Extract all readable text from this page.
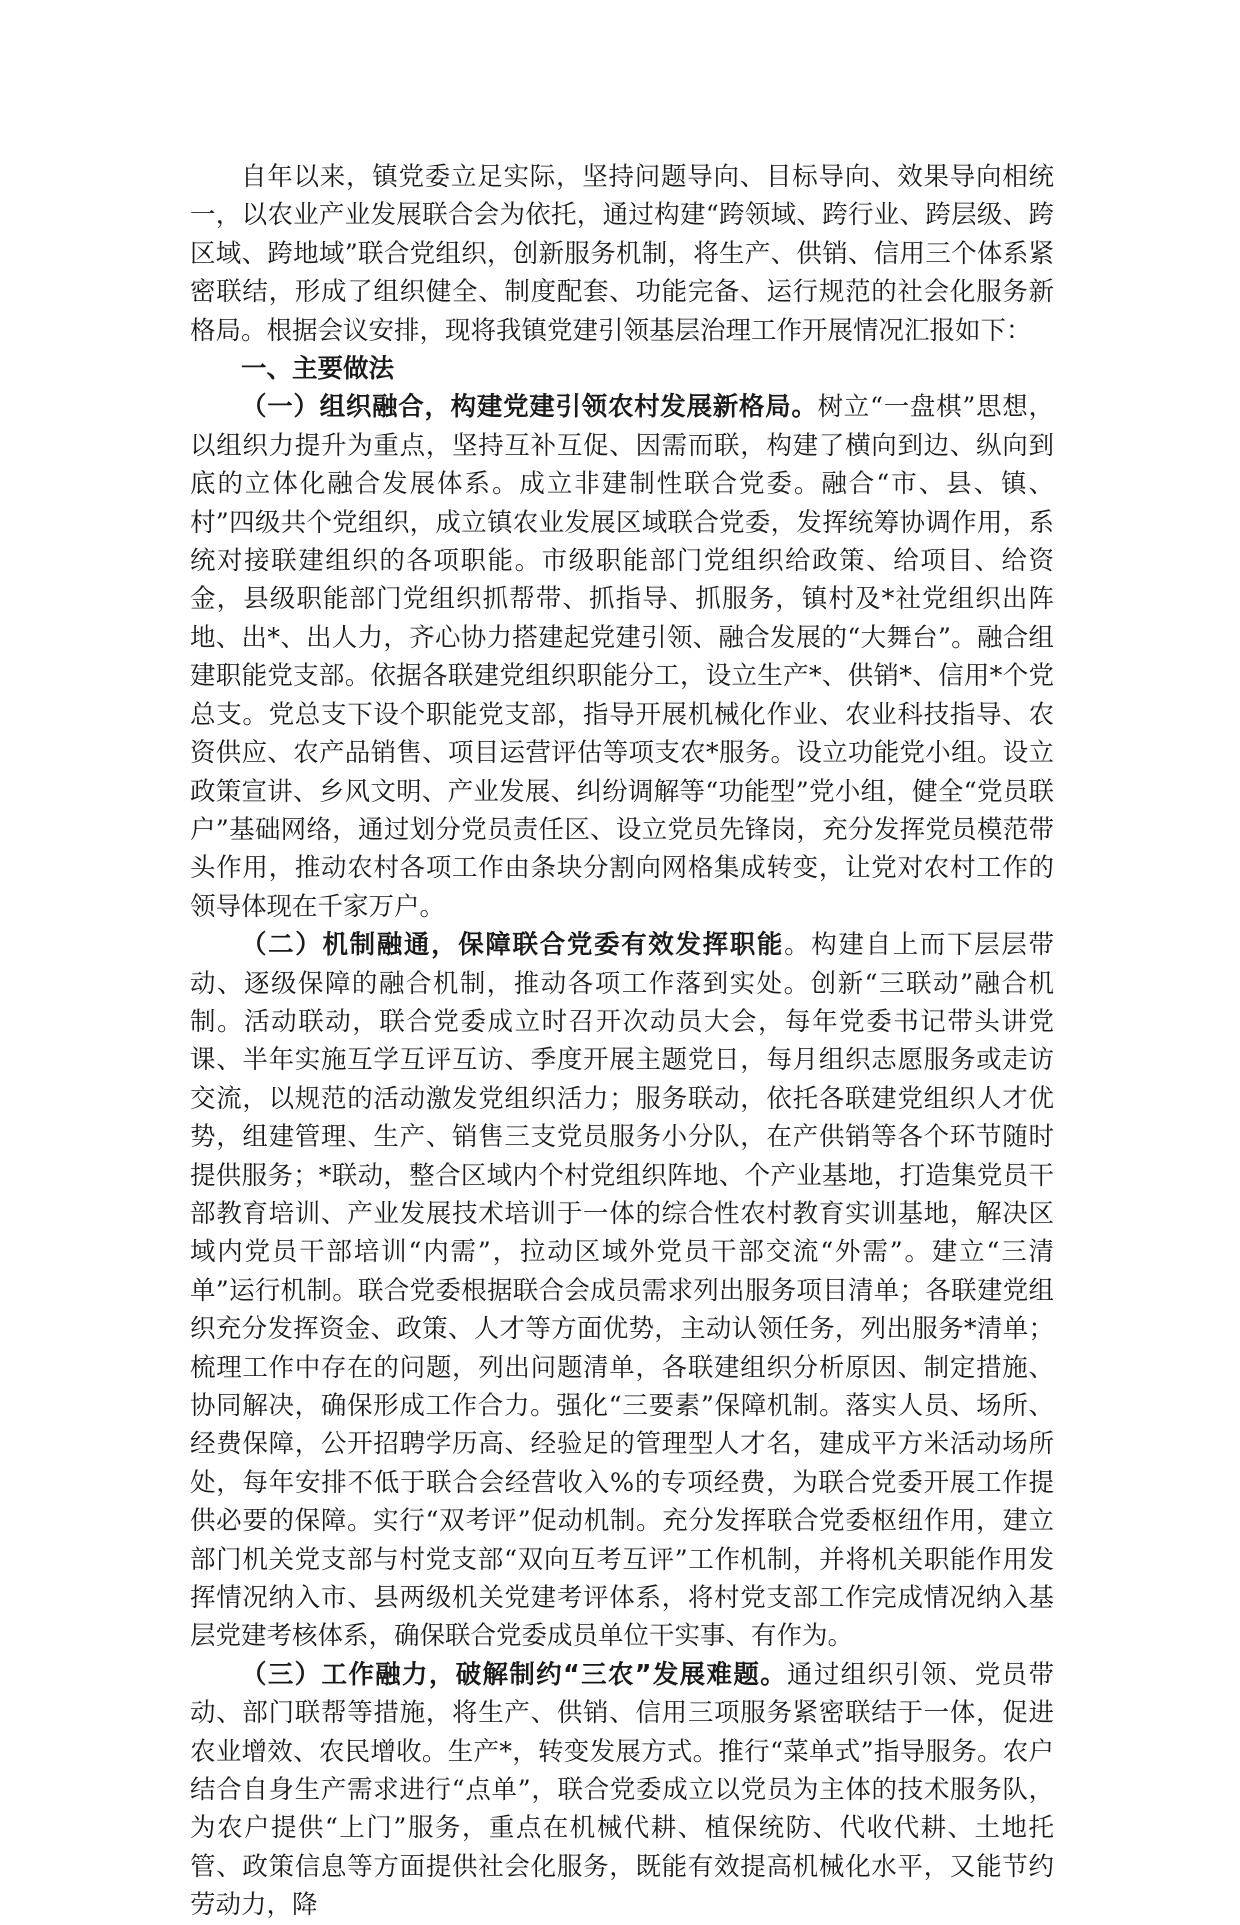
自年以来，镇党委立足实际，坚持问题导向、目标导向、效果导向相统一，以农业产业发展联合会为依托，通过构建“跨领域、跨行业、跨层级、跨区域、跨地域”联合党组织，创新服务机制，将生产、供销、信用三个体系紧密联结，形成了组织健全、制度配套、功能完备、运行规范的社会化服务新格局。根据会议安排，现将我镇党建引领基层治理工作开展情况汇报如下：

一、主要做法

（一）组织融合，构建党建引领农村发展新格局。树立“一盘棋”思想，以组织力提升为重点，坚持互补互促、因需而联，构建了横向到边、纵向到底的立体化融合发展体系。成立非建制性联合党委。融合“市、县、镇、村”四级共个党组织，成立镇农业发展区域联合党委，发挥统筹协调作用，系统对接联建组织的各项职能。市级职能部门党组织给政策、给项目、给资金，县级职能部门党组织抓帮带、抓指导、抓服务，镇村及*社党组织出阵地、出*、出人力，齐心协力搭建起党建引领、融合发展的“大舞台”。融合组建职能党支部。依据各联建党组织职能分工，设立生产*、供销*、信用*个党总支。党总支下设个职能党支部，指导开展机械化作业、农业科技指导、农资供应、农产品销售、项目运营评估等项支农*服务。设立功能党小组。设立政策宣讲、乡风文明、产业发展、纠纷调解等“功能型”党小组，健全“党员联户”基础网络，通过划分党员责任区、设立党员先锋岗，充分发挥党员模范带头作用，推动农村各项工作由条块分割向网格集成转变，让党对农村工作的领导体现在千家万户。

（二）机制融通，保障联合党委有效发挥职能。构建自上而下层层带动、逐级保障的融合机制，推动各项工作落到实处。创新“三联动”融合机制。活动联动，联合党委成立时召开次动员大会，每年党委书记带头讲党课、半年实施互学互评互访、季度开展主题党日，每月组织志愿服务或走访交流，以规范的活动激发党组织活力；服务联动，依托各联建党组织人才优势，组建管理、生产、销售三支党员服务小分队，在产供销等各个环节随时提供服务；*联动，整合区域内个村党组织阵地、个产业基地，打造集党员干部教育培训、产业发展技术培训于一体的综合性农村教育实训基地，解决区域内党员干部培训“内需”，拉动区域外党员干部交流“外需”。建立“三清单”运行机制。联合党委根据联合会成员需求列出服务项目清单；各联建党组织充分发挥资金、政策、人才等方面优势，主动认领任务，列出服务*清单；梳理工作中存在的问题，列出问题清单，各联建组织分析原因、制定措施、协同解决，确保形成工作合力。强化“三要素”保障机制。落实人员、场所、经费保障，公开招聘学历高、经验足的管理型人才名，建成平方米活动场所处，每年安排不低于联合会经营收入%的专项经费，为联合党委开展工作提供必要的保障。实行“双考评”促动机制。充分发挥联合党委枢纽作用，建立部门机关党支部与村党支部“双向互考互评”工作机制，并将机关职能作用发挥情况纳入市、县两级机关党建考评体系，将村党支部工作完成情况纳入基层党建考核体系，确保联合党委成员单位干实事、有作为。

（三）工作融力，破解制约“三农”发展难题。通过组织引领、党员带动、部门联帮等措施，将生产、供销、信用三项服务紧密联结于一体，促进农业增效、农民增收。生产*，转变发展方式。推行“菜单式”指导服务。农户结合自身生产需求进行“点单”，联合党委成立以党员为主体的技术服务队，为农户提供“上门”服务，重点在机械代耕、植保统防、代收代耕、土地托管、政策信息等方面提供社会化服务，既能有效提高机械化水平，又能节约劳动力，降
